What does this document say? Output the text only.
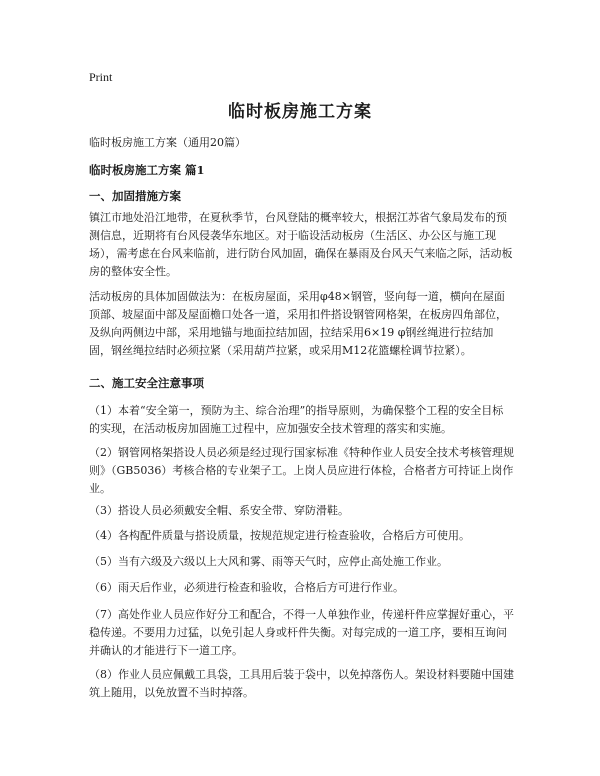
Print
临时板房施工方案
临时板房施工方案（通用20篇）
临时板房施工方案 篇1
一、加固措施方案
镇江市地处沿江地带，在夏秋季节，台风登陆的概率较大，根据江苏省气象局发布的预测信息，近期将有台风侵袭华东地区。对于临设活动板房（生活区、办公区与施工现场），需考虑在台风来临前，进行防台风加固，确保在暴雨及台风天气来临之际，活动板房的整体安全性。
活动板房的具体加固做法为：在板房屋面，采用φ48×钢管，竖向每一道，横向在屋面顶部、坡屋面中部及屋面檐口处各一道，采用扣件搭设钢管网格架，在板房四角部位，及纵向两侧边中部，采用地锚与地面拉结加固，拉结采用6×19 φ钢丝绳进行拉结加固，钢丝绳拉结时必须拉紧（采用葫芦拉紧，或采用M12花篮螺栓调节拉紧）。
二、施工安全注意事项
（1）本着“安全第一，预防为主、综合治理”的指导原则，为确保整个工程的安全目标的实现，在活动板房加固施工过程中，应加强安全技术管理的落实和实施。
（2）钢管网格架搭设人员必须是经过现行国家标准《特种作业人员安全技术考核管理规则》（GB5036）考核合格的专业架子工。上岗人员应进行体检，合格者方可持证上岗作业。
（3）搭设人员必须戴安全帽、系安全带、穿防滑鞋。
（4）各构配件质量与搭设质量，按规范规定进行检查验收，合格后方可使用。
（5）当有六级及六级以上大风和雾、雨等天气时，应停止高处施工作业。
（6）雨天后作业，必须进行检查和验收，合格后方可进行作业。
（7）高处作业人员应作好分工和配合，不得一人单独作业，传递杆件应掌握好重心，平稳传递。不要用力过猛，以免引起人身或杆件失衡。对每完成的一道工序，要相互询问并确认的才能进行下一道工序。
（8）作业人员应佩戴工具袋，工具用后装于袋中，以免掉落伤人。架设材料要随中国建筑上随用，以免放置不当时掉落。
